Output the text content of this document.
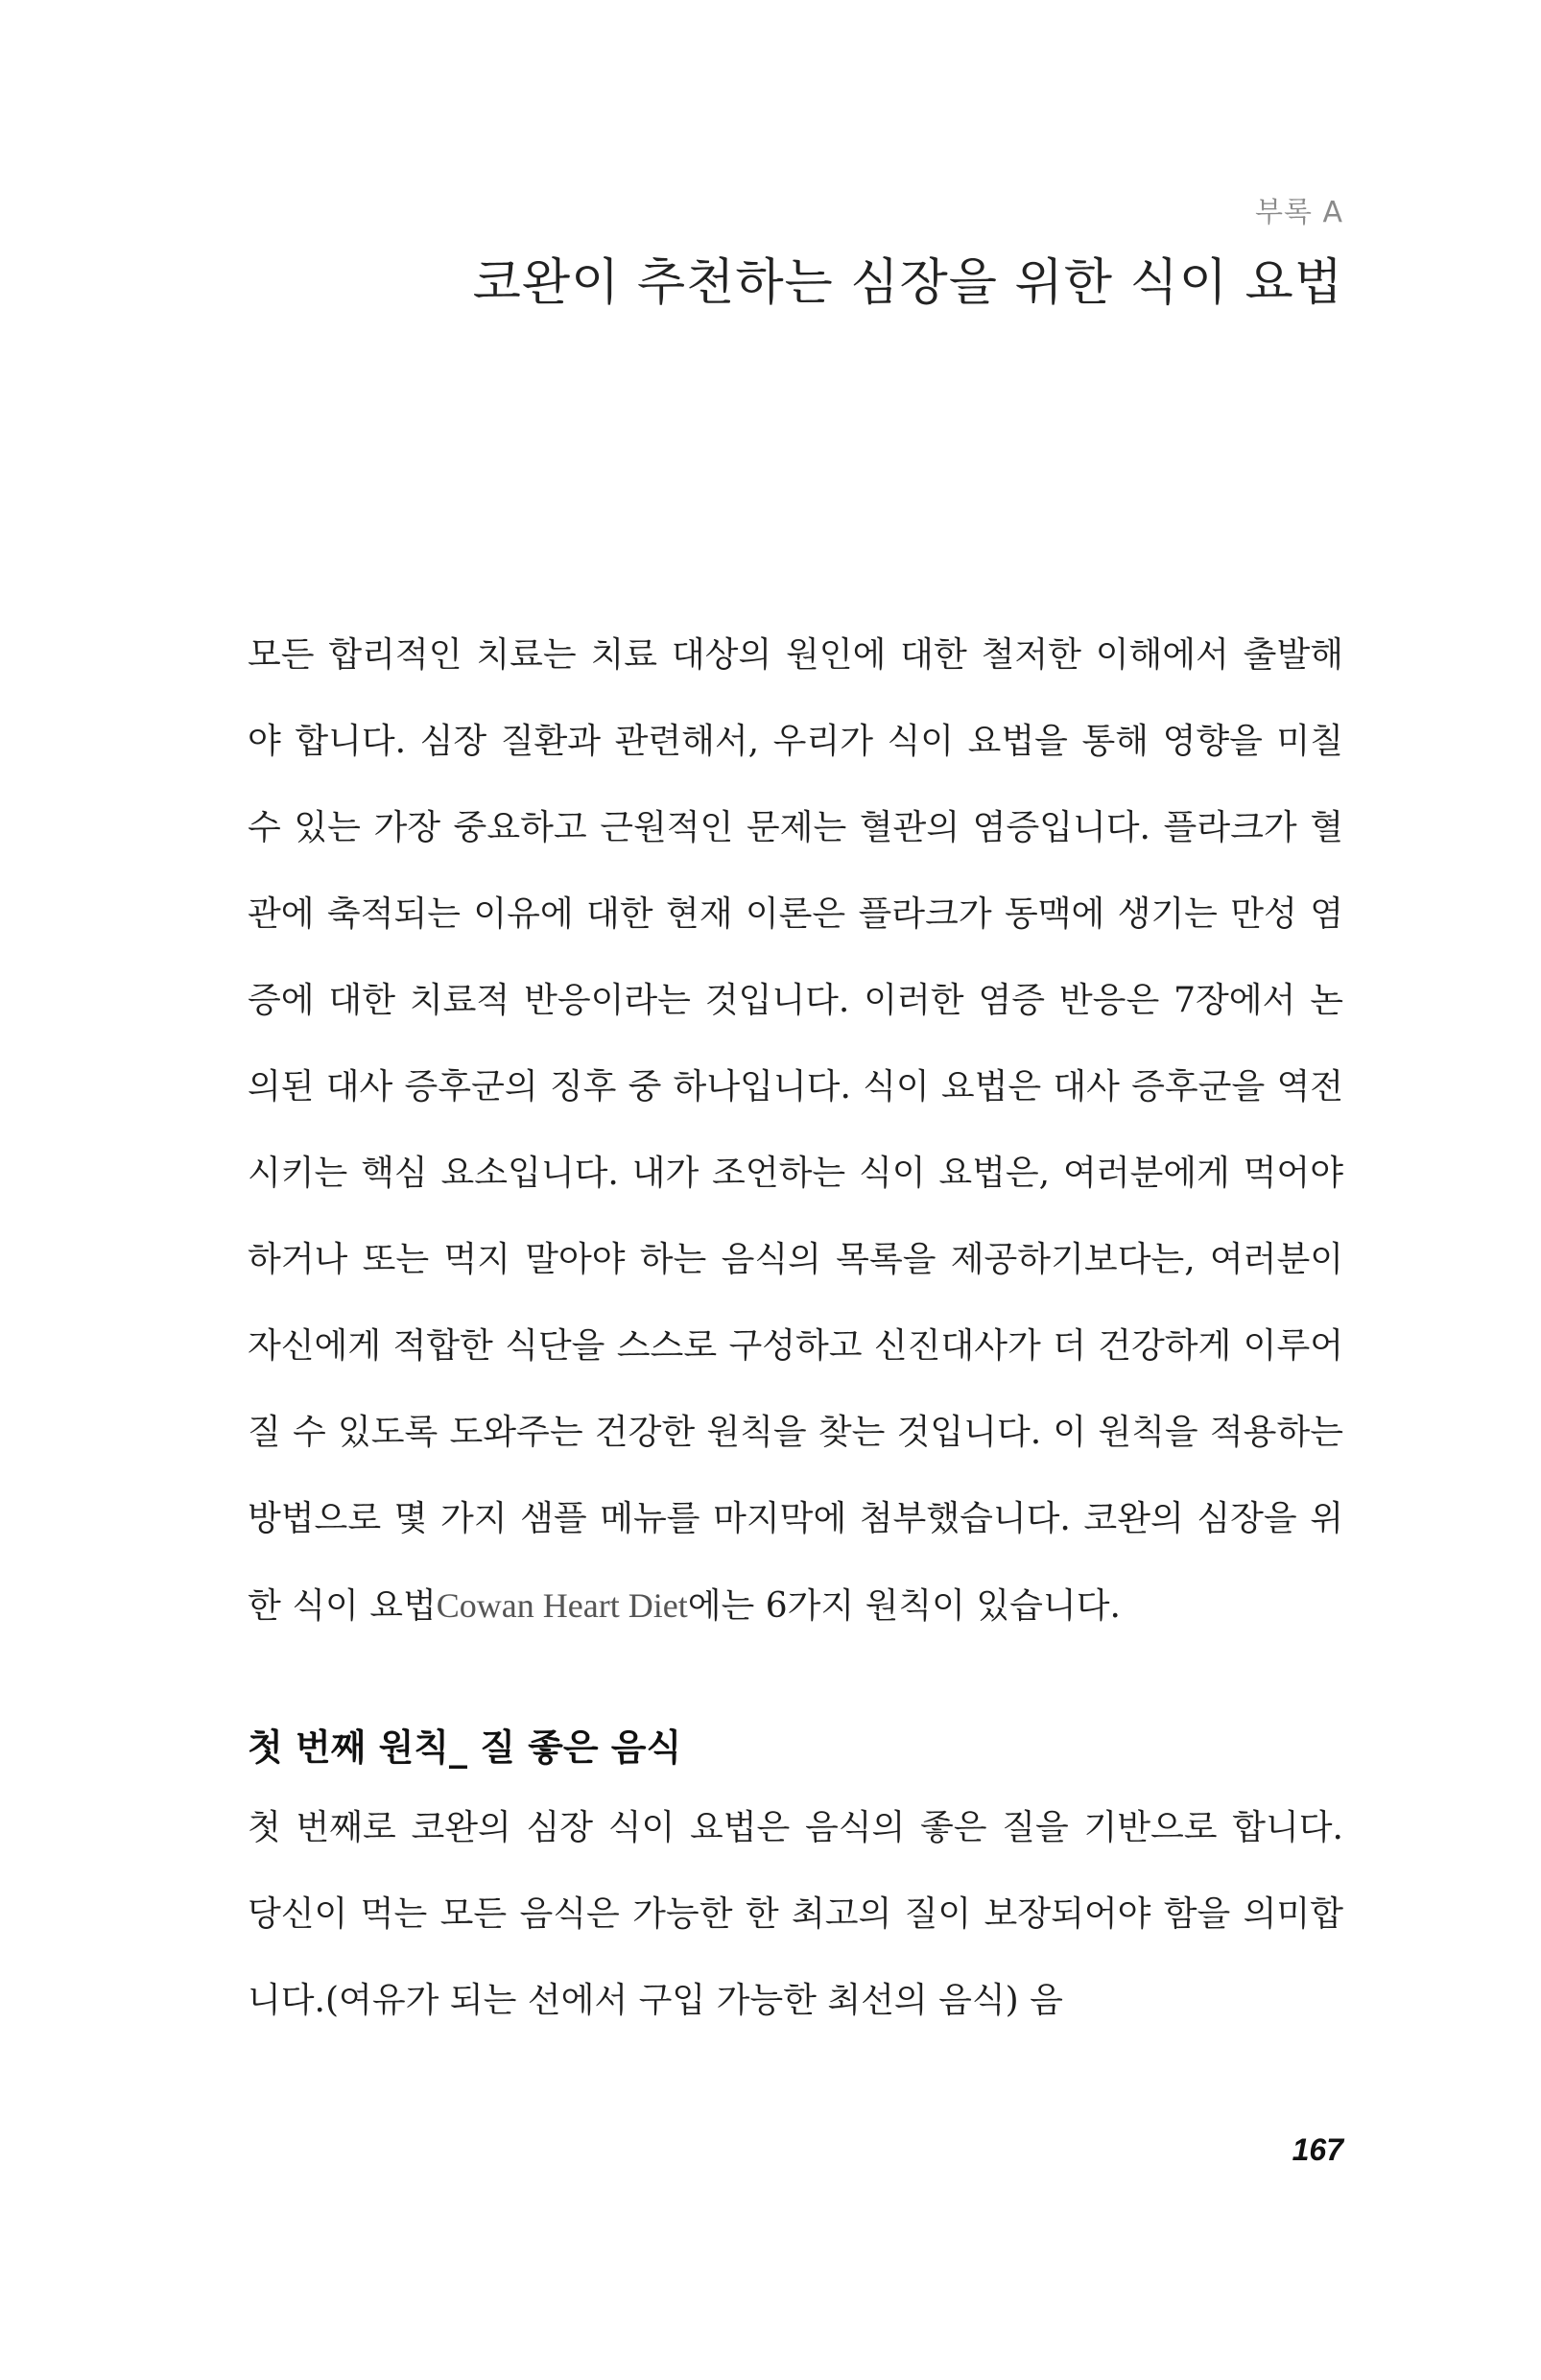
부록 A
코완이 추천하는 심장을 위한 식이 요법

모든 합리적인 치료는 치료 대상의 원인에 대한 철저한 이해에서 출발해야 합니다. 심장 질환과 관련해서, 우리가 식이 요법을 통해 영향을 미칠 수 있는 가장 중요하고 근원적인 문제는 혈관의 염증입니다. 플라크가 혈관에 축적되는 이유에 대한 현재 이론은 플라크가 동맥에 생기는 만성 염증에 대한 치료적 반응이라는 것입니다. 이러한 염증 반응은 7장에서 논의된 대사 증후군의 징후 중 하나입니다. 식이 요법은 대사 증후군을 역전시키는 핵심 요소입니다. 내가 조언하는 식이 요법은, 여러분에게 먹어야 하거나 또는 먹지 말아야 하는 음식의 목록을 제공하기보다는, 여러분이 자신에게 적합한 식단을 스스로 구성하고 신진대사가 더 건강하게 이루어질 수 있도록 도와주는 건강한 원칙을 찾는 것입니다. 이 원칙을 적용하는 방법으로 몇 가지 샘플 메뉴를 마지막에 첨부했습니다. 코완의 심장을 위한 식이 요법Cowan Heart Diet에는 6가지 원칙이 있습니다.

첫 번째 원칙_ 질 좋은 음식

첫 번째로 코완의 심장 식이 요법은 음식의 좋은 질을 기반으로 합니다. 당신이 먹는 모든 음식은 가능한 한 최고의 질이 보장되어야 함을 의미합니다.(여유가 되는 선에서 구입 가능한 최선의 음식) 음

167
